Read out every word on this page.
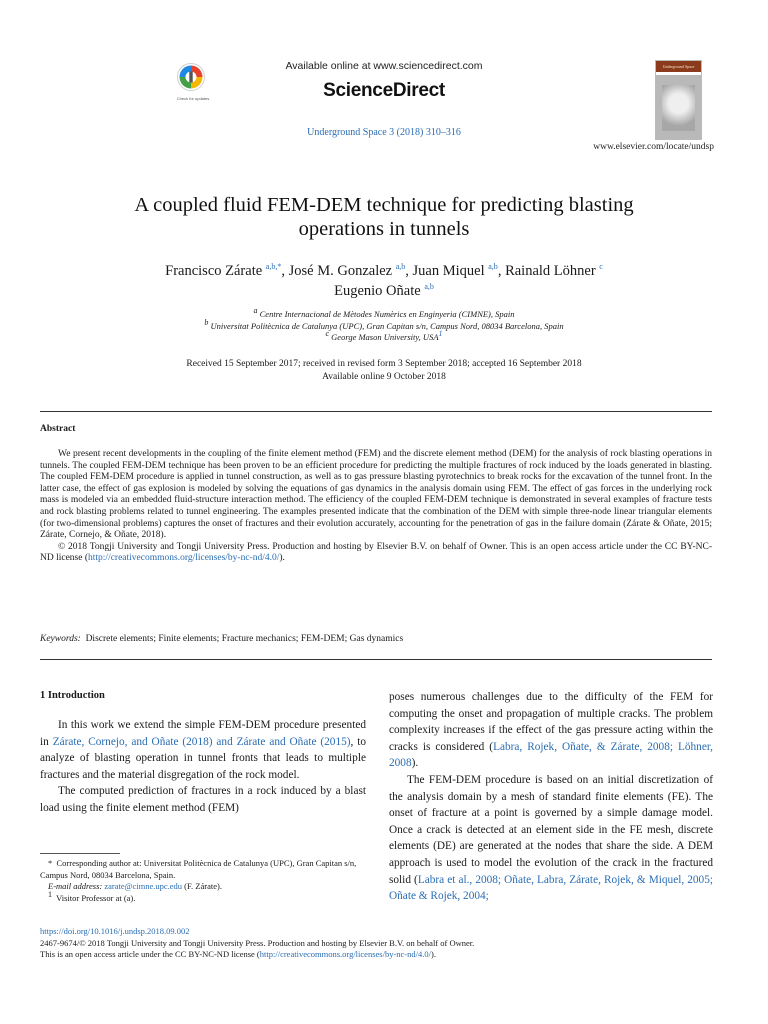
Check for updates
Available online at www.sciencedirect.com
ScienceDirect
Underground Space 3 (2018) 310–316
Underground Space
www.elsevier.com/locate/undsp
A coupled fluid FEM-DEM technique for predicting blasting
operations in tunnels
Francisco Zárate $^{a,b,*}$, José M. Gonzalez $^{a,b}$, Juan Miquel $^{a,b}$, Rainald Löhner $^c$
Eugenio Oñate $^{a,b}$
a Centre Internacional de Mètodes Numèrics en Enginyeria (CIMNE), Spain
b Universitat Politècnica de Catalunya (UPC), Gran Capitan s/n, Campus Nord, 08034 Barcelona, Spain
c George Mason University, USA1
Received 15 September 2017; received in revised form 3 September 2018; accepted 16 September 2018
Available online 9 October 2018
Abstract

We present recent developments in the coupling of the finite element method (FEM) and the discrete element method (DEM) for the analysis of rock blasting operations in tunnels. The coupled FEM-DEM technique has been proven to be an efficient procedure for predicting the multiple fractures of rock induced by the loads generated in blasting. The coupled FEM-DEM procedure is applied in tunnel construction, as well as to gas pressure blasting pyrotechnics to break rocks for the excavation of the tunnel front. In the latter case, the effect of gas explosion is modeled by solving the equations of gas dynamics in the analysis domain using FEM. The effect of gas forces in the underlying rock mass is modeled via an embedded fluid-structure interaction method. The efficiency of the coupled FEM-DEM technique is demonstrated in several examples of fracture tests and rock blasting problems related to tunnel engineering. The examples presented indicate that the combination of the DEM with simple three-node linear triangular elements (for two-dimensional problems) captures the onset of fractures and their evolution accurately, accounting for the penetration of gas in the failure domain (Zárate & Oñate, 2015; Zárate, Cornejo, & Oñate, 2018).

© 2018 Tongji University and Tongji University Press. Production and hosting by Elsevier B.V. on behalf of Owner. This is an open access article under the CC BY-NC-ND license (http://creativecommons.org/licenses/by-nc-nd/4.0/).

Keywords: Discrete elements; Finite elements; Fracture mechanics; FEM-DEM; Gas dynamics
1 Introduction

In this work we extend the simple FEM-DEM procedure presented in Zárate, Cornejo, and Oñate (2018) and Zárate and Oñate (2015), to analyze of blasting operation in tunnel fronts that leads to multiple fractures and the material disgregation of the rock model.

The computed prediction of fractures in a rock induced by a blast load using the finite element method (FEM)

poses numerous challenges due to the difficulty of the FEM for computing the onset and propagation of multiple cracks. The problem complexity increases if the effect of the gas pressure acting within the cracks is considered (Labra, Rojek, Oñate, & Zárate, 2008; Löhner, 2008).

The FEM-DEM procedure is based on an initial discretization of the analysis domain by a mesh of standard finite elements (FE). The onset of fracture at a point is governed by a simple damage model. Once a crack is detected at an element side in the FE mesh, discrete elements (DE) are generated at the nodes that share the side. A DEM approach is used to model the evolution of the crack in the fractured solid (Labra et al., 2008; Oñate, Labra, Zárate, Rojek, & Miquel, 2005; Oñate & Rojek, 2004;

* Corresponding author at: Universitat Politècnica de Catalunya (UPC), Gran Capitan s/n, Campus Nord, 08034 Barcelona, Spain.
E-mail address: zarate@cimne.upc.edu (F. Zárate).
1 Visitor Professor at (a).
https://doi.org/10.1016/j.undsp.2018.09.002
2467-9674/© 2018 Tongji University and Tongji University Press. Production and hosting by Elsevier B.V. on behalf of Owner.
This is an open access article under the CC BY-NC-ND license (http://creativecommons.org/licenses/by-nc-nd/4.0/).
